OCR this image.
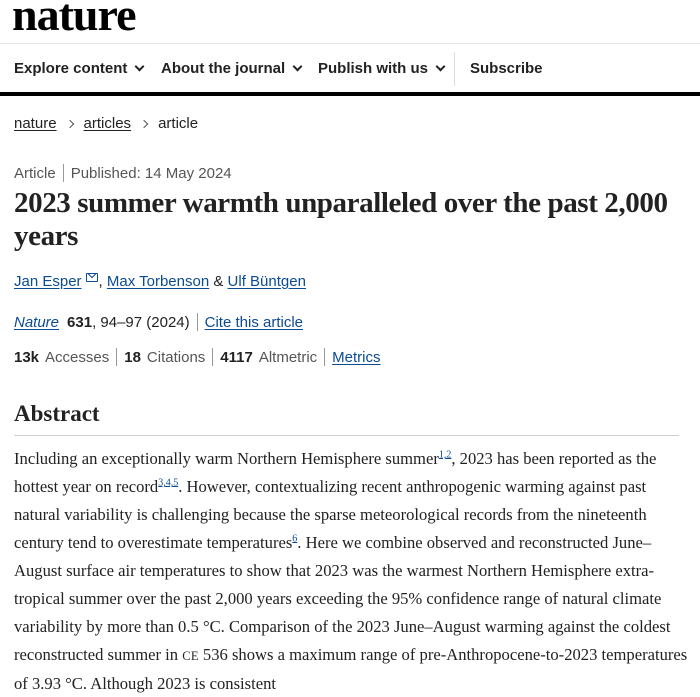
nature
Explore content About the journal Publish with us	Subscribe
nature articles article
Article Published: 14 May 2024
2023 summer warmth unparalleled over the past 2,000 years
Jan Esper , Max Torbenson
&
Ulf Büntgen
Nature 631 , 94–97 (2024) Cite this article
13k Accesses 18 Citations 4117 Altmetric Metrics
Abstract

Including an exceptionally warm Northern Hemisphere summer$^{1,2}$, 2023 has been reported as the hottest year on record$^{3,4,5}$. However, contextualizing recent anthropogenic warming against past natural variability is challenging because the sparse meteorological records from the nineteenth century tend to overestimate temperatures$^6$. Here we combine observed and reconstructed June–August surface air temperatures to show that 2023 was the warmest Northern Hemisphere extra-tropical summer over the past 2,000 years exceeding the 95% confidence range of natural climate variability by more than 0.5 °C. Comparison of the 2023 June–August warming against the coldest reconstructed summer in CE 536 shows a maximum range of pre-Anthropocene-to-2023 temperatures of 3.93 °C. Although 2023 is consistent
